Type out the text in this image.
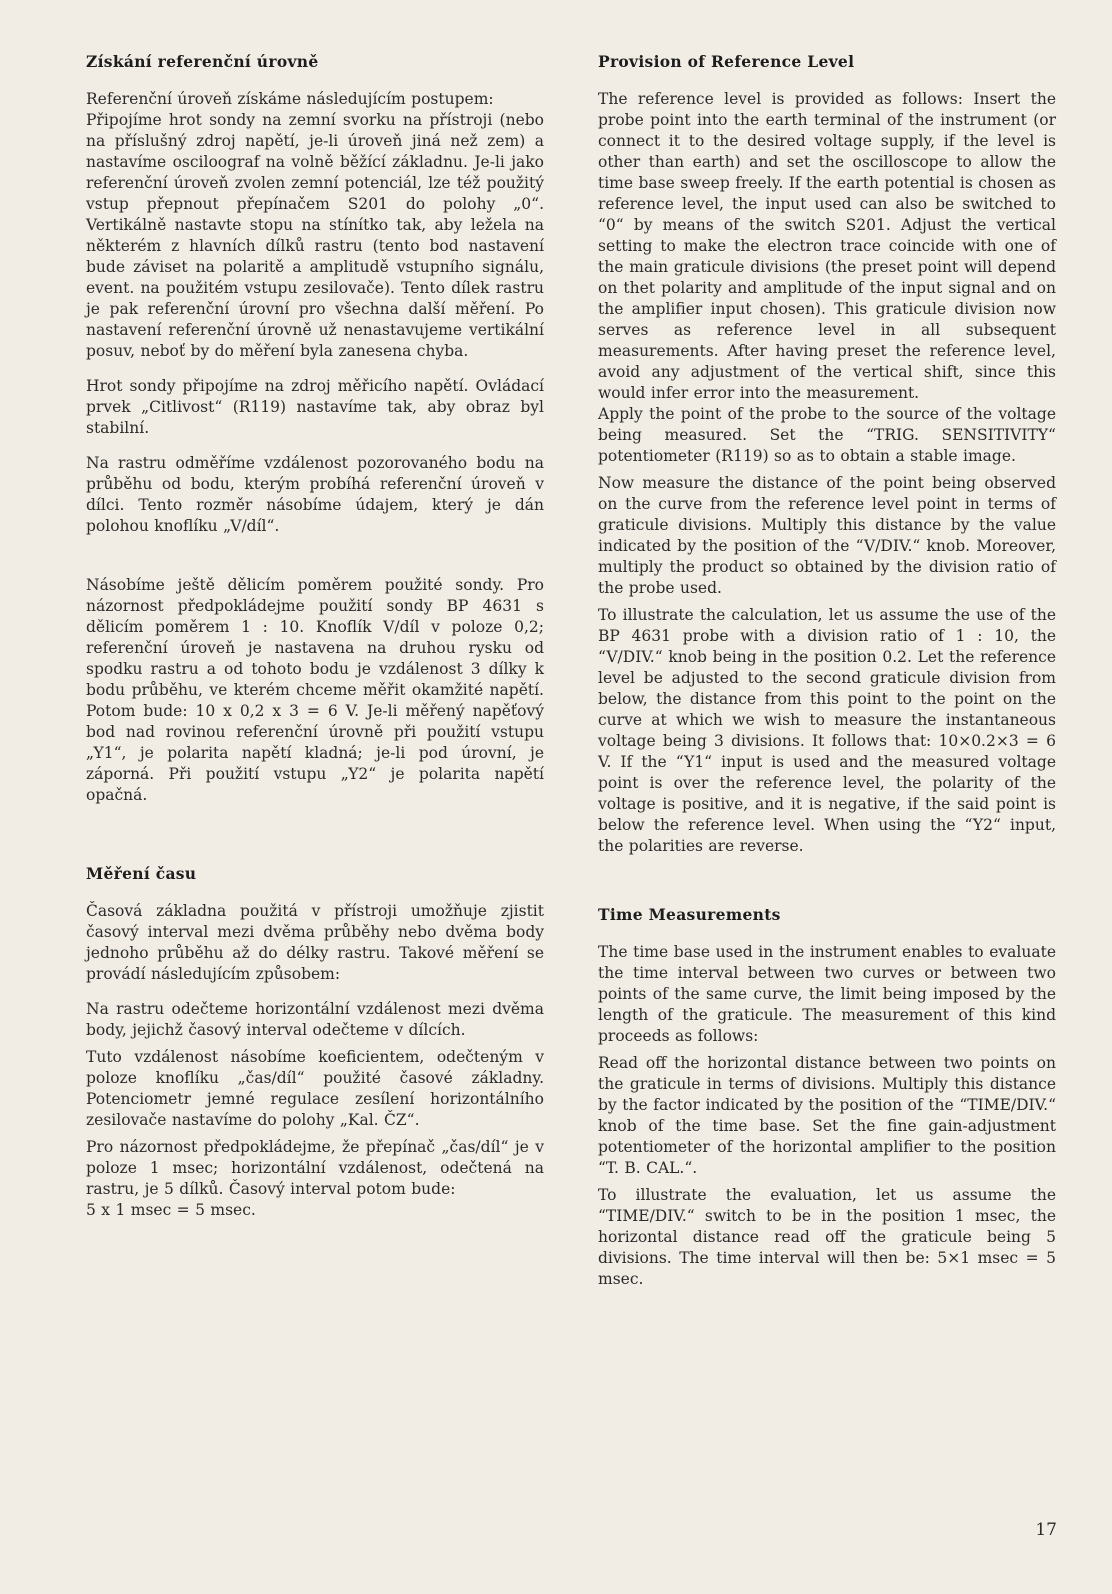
Získání referenční úrovně

Referenční úroveň získáme následujícím postupem:

Připojíme hrot sondy na zemní svorku na přístroji (nebo na příslušný zdroj napětí, je-li úroveň jiná než zem) a nastavíme osciloograf na volně běžící základnu. Je-li jako referenční úroveň zvolen zemní potenciál, lze též použitý vstup přepnout přepínačem S201 do polohy „0“. Vertikálně nastavte stopu na stínítko tak, aby ležela na některém z hlavních dílků rastru (tento bod nastavení bude záviset na polaritě a amplitudě vstupního signálu, event. na použitém vstupu zesilovače). Tento dílek rastru je pak referenční úrovní pro všechna další měření. Po nastavení referenční úrovně už nenastavujeme vertikální posuv, neboť by do měření byla zanesena chyba.

Hrot sondy připojíme na zdroj měřicího napětí. Ovládací prvek „Citlivost“ (R119) nastavíme tak, aby obraz byl stabilní.

Na rastru odměříme vzdálenost pozorovaného bodu na průběhu od bodu, kterým probíhá referenční úroveň v dílci. Tento rozměr násobíme údajem, který je dán polohou knoflíku „V/díl“.

Násobíme ještě dělicím poměrem použité sondy. Pro názornost předpokládejme použití sondy BP 4631 s dělicím poměrem 1 : 10. Knoflík V/díl v poloze 0,2; referenční úroveň je nastavena na druhou rysku od spodku rastru a od tohoto bodu je vzdálenost 3 dílky k bodu průběhu, ve kterém chceme měřit okamžité napětí. Potom bude: 10 x 0,2 x 3 = 6 V. Je-li měřený napěťový bod nad rovinou referenční úrovně při použití vstupu „Y1“, je polarita napětí kladná; je-li pod úrovní, je záporná. Při použití vstupu „Y2“ je polarita napětí opačná.

Měření času

Časová základna použitá v přístroji umožňuje zjistit časový interval mezi dvěma průběhy nebo dvěma body jednoho průběhu až do délky rastru. Takové měření se provádí následujícím způsobem:

Na rastru odečteme horizontální vzdálenost mezi dvěma body, jejichž časový interval odečteme v dílcích.

Tuto vzdálenost násobíme koeficientem, odečteným v poloze knoflíku „čas/díl“ použité časové základny. Potenciometr jemné regulace zesílení horizontálního zesilovače nastavíme do polohy „Kal. ČZ“.

Pro názornost předpokládejme, že přepínač „čas/díl“ je v poloze 1 msec; horizontální vzdálenost, odečtená na rastru, je 5 dílků. Časový interval potom bude:

5 x 1 msec = 5 msec.

Provision of Reference Level

The reference level is provided as follows: Insert the probe point into the earth terminal of the instrument (or connect it to the desired voltage supply, if the level is other than earth) and set the oscilloscope to allow the time base sweep freely. If the earth potential is chosen as reference level, the input used can also be switched to “0“ by means of the switch S201. Adjust the vertical setting to make the electron trace coincide with one of the main graticule divisions (the preset point will depend on thet polarity and amplitude of the input signal and on the amplifier input chosen). This graticule division now serves as reference level in all subsequent measurements. After having preset the reference level, avoid any adjustment of the vertical shift, since this would infer error into the measurement.

Apply the point of the probe to the source of the voltage being measured. Set the “TRIG. SENSITIVITY“ potentiometer (R119) so as to obtain a stable image.

Now measure the distance of the point being observed on the curve from the reference level point in terms of graticule divisions. Multiply this distance by the value indicated by the position of the “V/DIV.“ knob. Moreover, multiply the product so obtained by the division ratio of the probe used.

To illustrate the calculation, let us assume the use of the BP 4631 probe with a division ratio of 1 : 10, the “V/DIV.“ knob being in the position 0.2. Let the reference level be adjusted to the second graticule division from below, the distance from this point to the point on the curve at which we wish to measure the instantaneous voltage being 3 divisions. It follows that: 10×0.2×3 = 6 V. If the “Y1“ input is used and the measured voltage point is over the reference level, the polarity of the voltage is positive, and it is negative, if the said point is below the reference level. When using the “Y2“ input, the polarities are reverse.

Time Measurements

The time base used in the instrument enables to evaluate the time interval between two curves or between two points of the same curve, the limit being imposed by the length of the graticule. The measurement of this kind proceeds as follows:

Read off the horizontal distance between two points on the graticule in terms of divisions. Multiply this distance by the factor indicated by the position of the “TIME/DIV.“ knob of the time base. Set the fine gain-adjustment potentiometer of the horizontal amplifier to the position “T. B. CAL.“.

To illustrate the evaluation, let us assume the “TIME/DIV.“ switch to be in the position 1 msec, the horizontal distance read off the graticule being 5 divisions. The time interval will then be: 5×1 msec = 5 msec.

17
